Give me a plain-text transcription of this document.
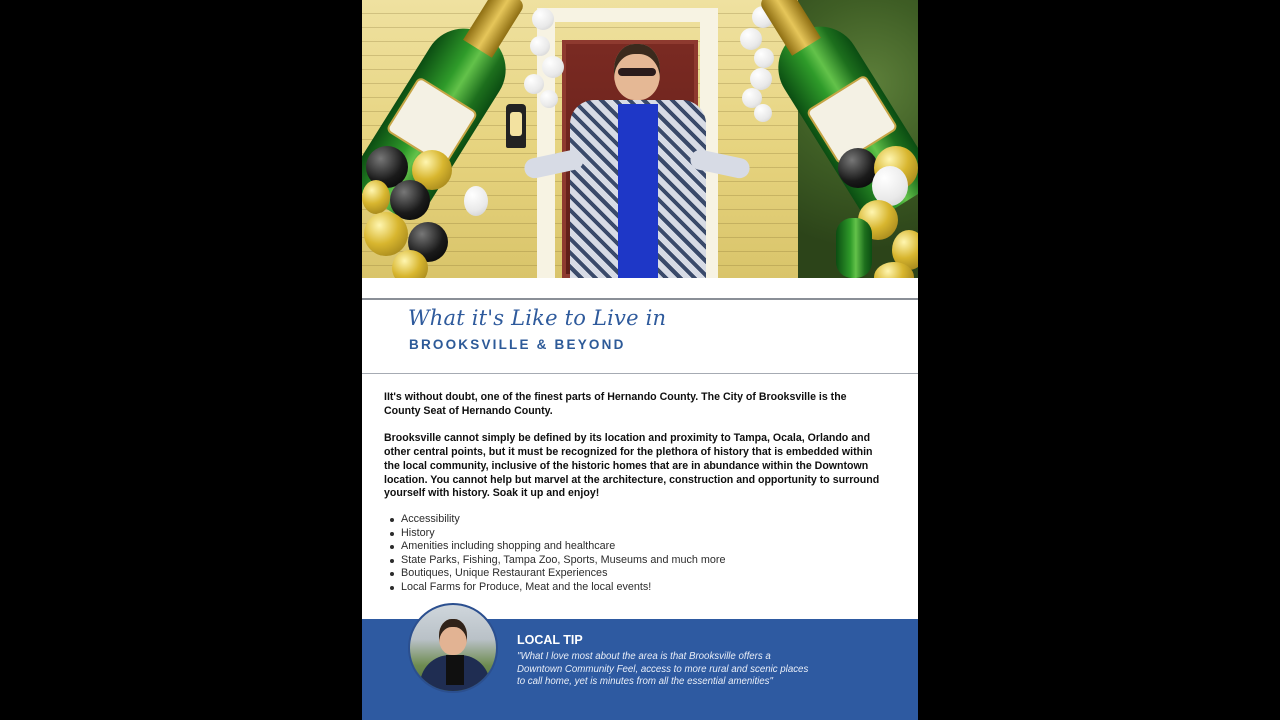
What it's Like to Live in
BROOKSVILLE & BEYOND

IIt's without doubt, one of the finest parts of Hernando County. The City of Brooksville is the County Seat of Hernando County.

Brooksville cannot simply be defined by its location and proximity to Tampa, Ocala, Orlando and other central points, but it must be recognized for the plethora of history that is embedded within the local community, inclusive of the historic homes that are in abundance within the Downtown location. You cannot help but marvel at the architecture, construction and opportunity to surround yourself with history. Soak it up and enjoy!

Accessibility
History
Amenities including shopping and healthcare
State Parks, Fishing, Tampa Zoo, Sports, Museums and much more
Boutiques, Unique Restaurant Experiences
Local Farms for Produce, Meat and the local events!
LOCAL TIP
"What I love most about the area is that Brooksville offers a Downtown Community Feel, access to more rural and scenic places to call home, yet is minutes from all the essential amenities"
